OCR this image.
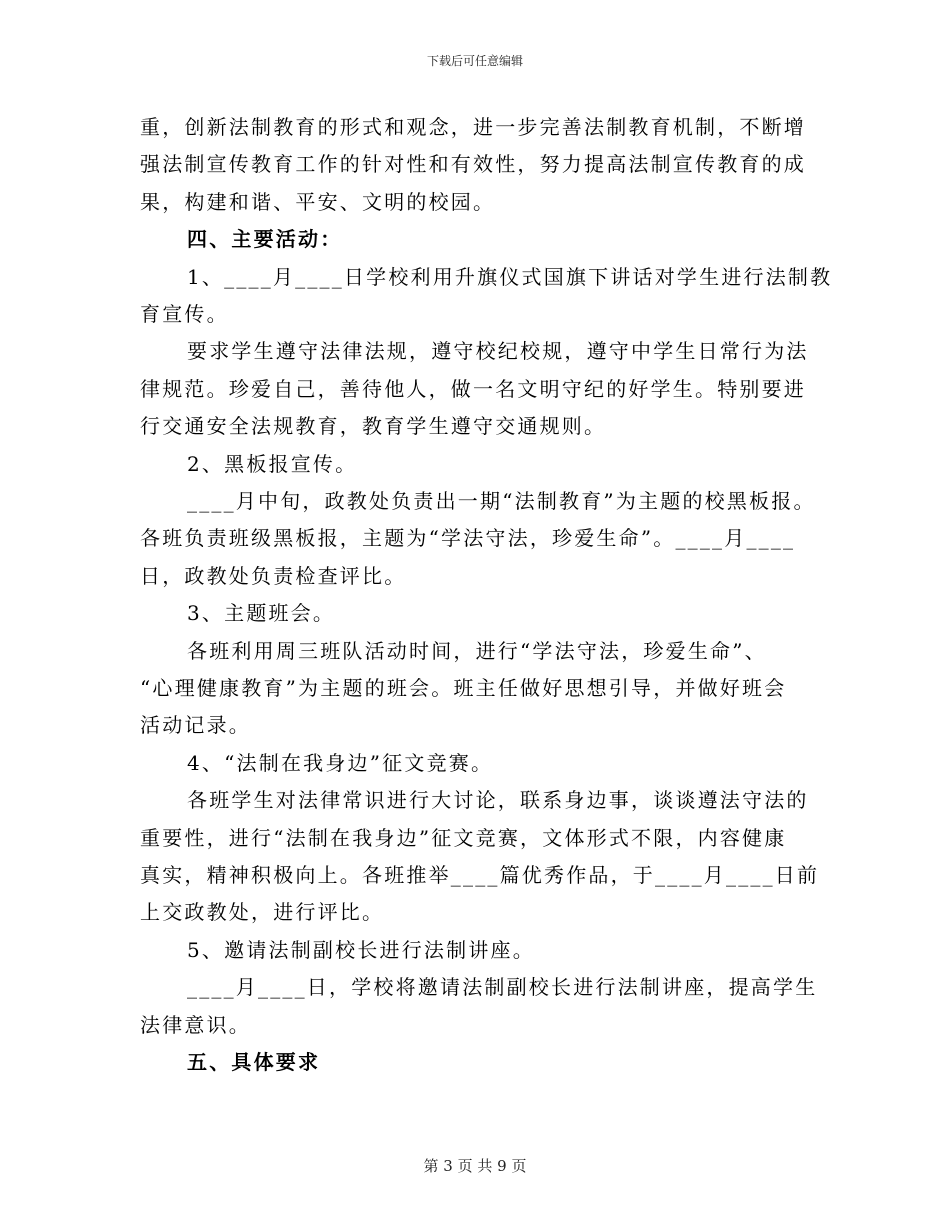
下载后可任意编辑
重，创新法制教育的形式和观念，进一步完善法制教育机制，不断增
强法制宣传教育工作的针对性和有效性，努力提高法制宣传教育的成
果，构建和谐、平安、文明的校园。
四、主要活动：
1、____月____日学校利用升旗仪式国旗下讲话对学生进行法制教
育宣传。
要求学生遵守法律法规，遵守校纪校规，遵守中学生日常行为法
律规范。珍爱自己，善待他人，做一名文明守纪的好学生。特别要进
行交通安全法规教育，教育学生遵守交通规则。
2、黑板报宣传。
____月中旬，政教处负责出一期“法制教育”为主题的校黑板报。
各班负责班级黑板报，主题为“学法守法，珍爱生命”。____月____
日，政教处负责检查评比。
3、主题班会。
各班利用周三班队活动时间，进行“学法守法，珍爱生命”、
“心理健康教育”为主题的班会。班主任做好思想引导，并做好班会
活动记录。
4、“法制在我身边”征文竞赛。
各班学生对法律常识进行大讨论，联系身边事，谈谈遵法守法的
重要性，进行“法制在我身边”征文竞赛，文体形式不限，内容健康
真实，精神积极向上。各班推举____篇优秀作品，于____月____日前
上交政教处，进行评比。
5、邀请法制副校长进行法制讲座。
____月____日，学校将邀请法制副校长进行法制讲座，提高学生
法律意识。
五、具体要求
第 3 页 共 9 页
